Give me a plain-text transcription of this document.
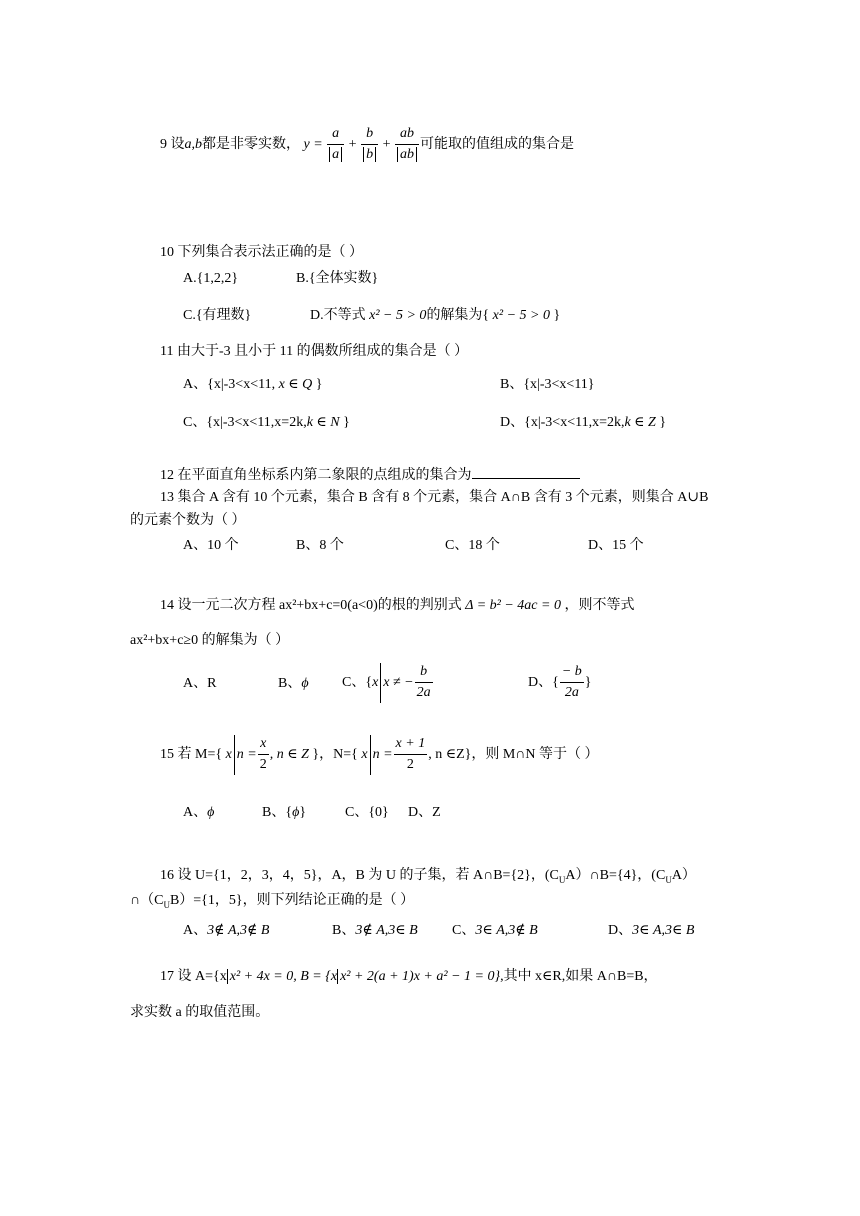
9 设a,b都是非零实数， $y = \frac{a}{a} + \frac{b}{b} + \frac{ab}{ab}$ 可能取的值组成的集合是
10 下列集合表示法正确的是（ ）
A.{1,2,2}	B.{全体实数}
C.{有理数}	D.不等式 x² − 5 > 0的解集为{ x² − 5 > 0 }
11 由大于-3 且小于 11 的偶数所组成的集合是（ ）
A、{x|-3<x<11, x ∈ Q }	B、{x|-3<x<11}
C、{x|-3<x<11,x=2k,k ∈ N }	D、{x|-3<x<11,x=2k,k ∈ Z }
12 在平面直角坐标系内第二象限的点组成的集合为
13 集合 A 含有 10 个元素，集合 B 含有 8 个元素，集合 A∩B 含有 3 个元素，则集合 A∪B
的元素个数为（ ）
A、10 个	B、8 个	C、18 个	D、15 个
14 设一元二次方程 ax²+bx+c=0(a<0)的根的判别式 Δ = b² − 4ac = 0 ，则不等式
ax²+bx+c≥0 的解集为（ ）
A、R	B、ϕ C、{x x ≠ − $\frac{b}{2a}$	D、{ $\frac{- b}{2a}$ }
15 若 M={ x $n = \frac{x}{2}$ , n ∈ Z }，N={ x $n = \frac{x + 1}{2}$ , n ∈Z}，则 M∩N 等于（ ）
A、ϕ	B、{ϕ}	C、{0} D、Z
16 设 U={1，2，3，4，5}，A，B 为 U 的子集，若 A∩B={2}，$(C_UA)\cap B=\{4\}$，$(C_UA)$
$\cap(C_UB)=\{1$，5}，则下列结论正确的是（ ）
A、3∉ A,3∉ B	B、3∉ A,3∈ B C、3∈ A,3∉ B	D、3∈ A,3∈ B
17 设 A={x x² + 4x = 0, B = {x x² + 2(a + 1)x + a² − 1 = 0},其中 x∈R,如果 A∩B=B，
求实数 a 的取值范围。
